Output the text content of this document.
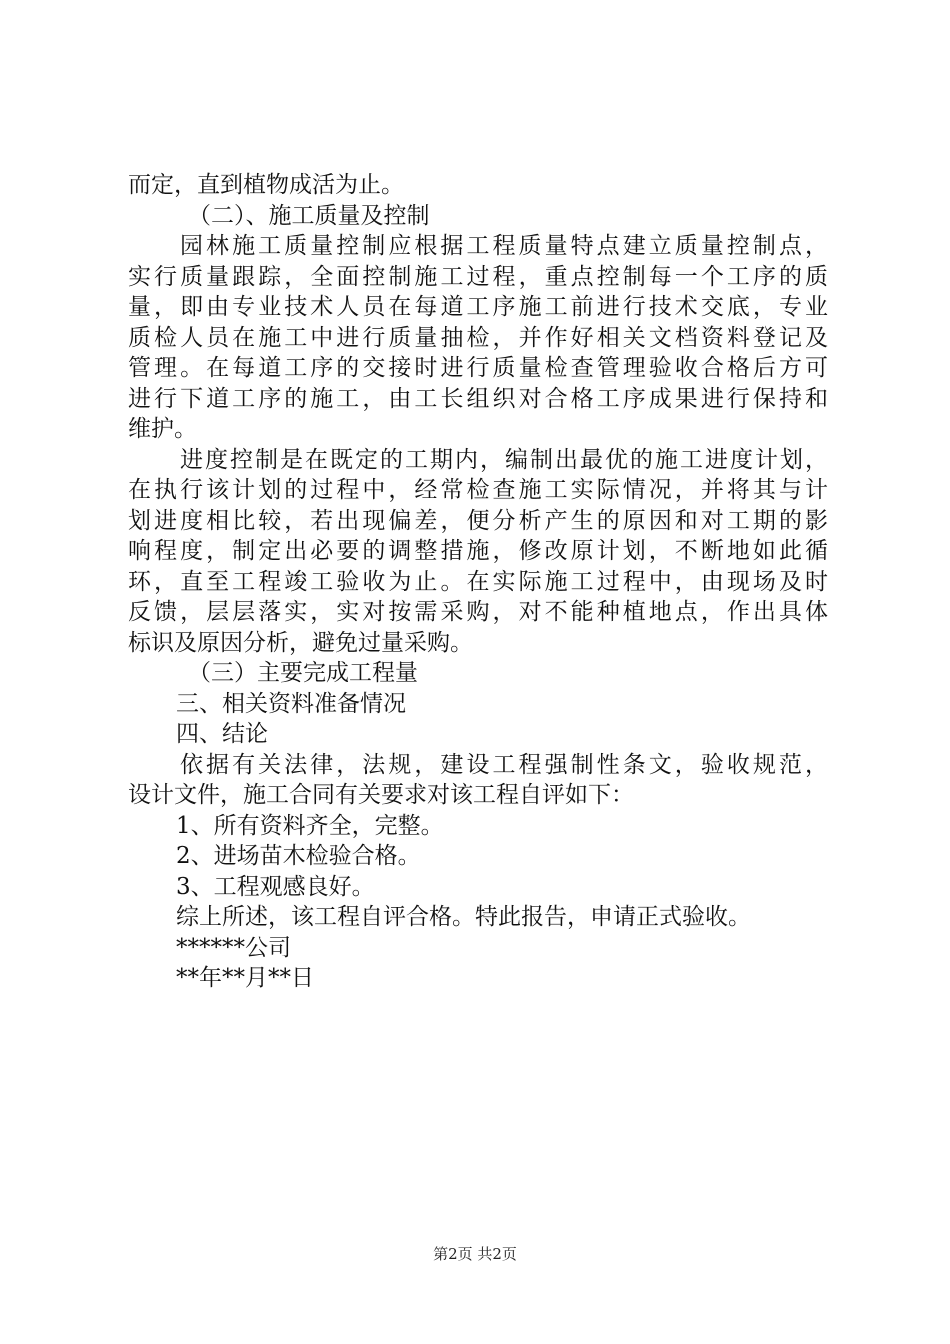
而定，直到植物成活为止。
（二）、施工质量及控制
园林施工质量控制应根据工程质量特点建立质量控制点，
实行质量跟踪，全面控制施工过程，重点控制每一个工序的质
量，即由专业技术人员在每道工序施工前进行技术交底，专业
质检人员在施工中进行质量抽检，并作好相关文档资料登记及
管理。在每道工序的交接时进行质量检查管理验收合格后方可
进行下道工序的施工，由工长组织对合格工序成果进行保持和
维护。
进度控制是在既定的工期内，编制出最优的施工进度计划，
在执行该计划的过程中，经常检查施工实际情况，并将其与计
划进度相比较，若出现偏差，便分析产生的原因和对工期的影
响程度，制定出必要的调整措施，修改原计划，不断地如此循
环，直至工程竣工验收为止。在实际施工过程中，由现场及时
反馈，层层落实，实对按需采购，对不能种植地点，作出具体
标识及原因分析，避免过量采购。
（三）主要完成工程量
三、相关资料准备情况
四、结论
依据有关法律，法规，建设工程强制性条文，验收规范，
设计文件，施工合同有关要求对该工程自评如下：
1、所有资料齐全，完整。
2、进场苗木检验合格。
3、工程观感良好。
综上所述，该工程自评合格。特此报告，申请正式验收。
******公司
**年**月**日
第2页 共2页
